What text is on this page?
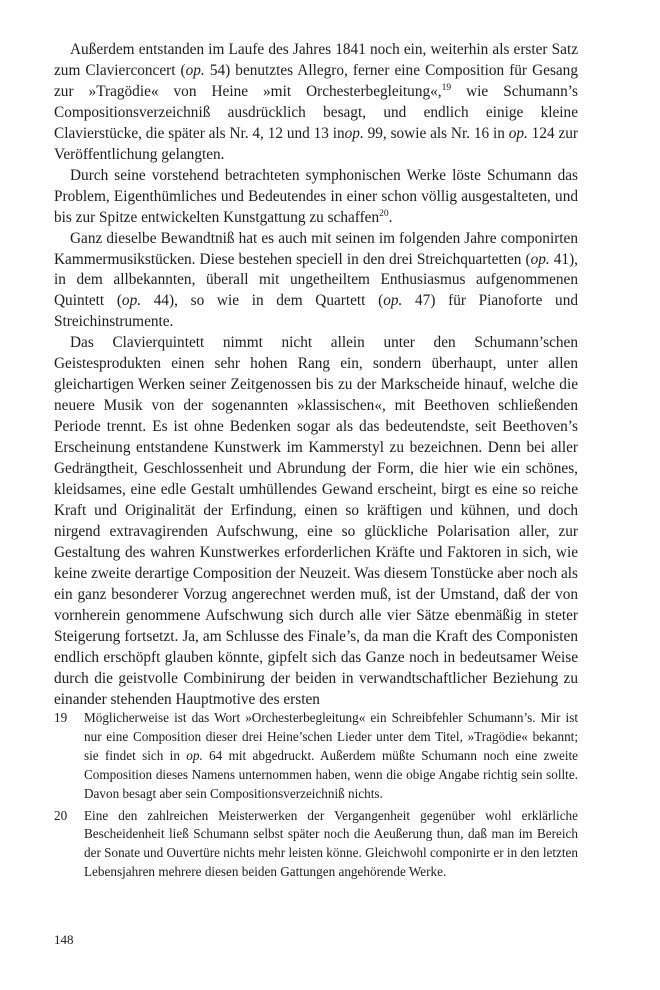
Außerdem entstanden im Laufe des Jahres 1841 noch ein, weiterhin als erster Satz zum Clavierconcert (op. 54) benutztes Allegro, ferner eine Composition für Gesang zur »Tragödie« von Heine »mit Orchesterbegleitung«,$^{19}$ wie Schumann’s Compositionsverzeichniß ausdrücklich besagt, und endlich einige kleine Clavierstücke, die später als Nr. 4, 12 und 13 inop. 99, sowie als Nr. 16 in op. 124 zur Veröffentlichung gelangten.

Durch seine vorstehend betrachteten symphonischen Werke löste Schumann das Problem, Eigenthümliches und Bedeutendes in einer schon völlig ausgestalteten, und bis zur Spitze entwickelten Kunstgattung zu schaffen$^{20}$.

Ganz dieselbe Bewandtniß hat es auch mit seinen im folgenden Jahre componirten Kammermusikstücken. Diese bestehen speciell in den drei Streichquartetten (op. 41), in dem allbekannten, überall mit ungetheiltem Enthusiasmus aufgenommenen Quintett (op. 44), so wie in dem Quartett (op. 47) für Pianoforte und Streichinstrumente.

Das Clavierquintett nimmt nicht allein unter den Schumann’schen Geistesprodukten einen sehr hohen Rang ein, sondern überhaupt, unter allen gleichartigen Werken seiner Zeitgenossen bis zu der Markscheide hinauf, welche die neuere Musik von der sogenannten »klassischen«, mit Beethoven schließenden Periode trennt. Es ist ohne Bedenken sogar als das bedeutendste, seit Beethoven’s Erscheinung entstandene Kunstwerk im Kammerstyl zu bezeichnen. Denn bei aller Gedrängtheit, Geschlossenheit und Abrundung der Form, die hier wie ein schönes, kleidsames, eine edle Gestalt umhüllendes Gewand erscheint, birgt es eine so reiche Kraft und Originalität der Erfindung, einen so kräftigen und kühnen, und doch nirgend extravagirenden Aufschwung, eine so glückliche Polarisation aller, zur Gestaltung des wahren Kunstwerkes erforderlichen Kräfte und Faktoren in sich, wie keine zweite derartige Composition der Neuzeit. Was diesem Tonstücke aber noch als ein ganz besonderer Vorzug angerechnet werden muß, ist der Umstand, daß der von vornherein genommene Aufschwung sich durch alle vier Sätze ebenmäßig in steter Steigerung fortsetzt. Ja, am Schlusse des Finale’s, da man die Kraft des Componisten endlich erschöpft glauben könnte, gipfelt sich das Ganze noch in bedeutsamer Weise durch die geistvolle Combinirung der beiden in verwandtschaftlicher Beziehung zu einander stehenden Hauptmotive des ersten

19	Möglicherweise ist das Wort »Orchesterbegleitung« ein Schreibfehler Schumann’s. Mir ist nur eine Composition dieser drei Heine’schen Lieder unter dem Titel, »Tragödie« bekannt; sie findet sich in op. 64 mit abgedruckt. Außerdem müßte Schumann noch eine zweite Composition dieses Namens unternommen haben, wenn die obige Angabe richtig sein sollte. Davon besagt aber sein Compositionsverzeichniß nichts.
20	Eine den zahlreichen Meisterwerken der Vergangenheit gegenüber wohl erklärliche Bescheidenheit ließ Schumann selbst später noch die Aeußerung thun, daß man im Bereich der Sonate und Ouvertüre nichts mehr leisten könne. Gleichwohl componirte er in den letzten Lebensjahren mehrere diesen beiden Gattungen angehörende Werke.
148
